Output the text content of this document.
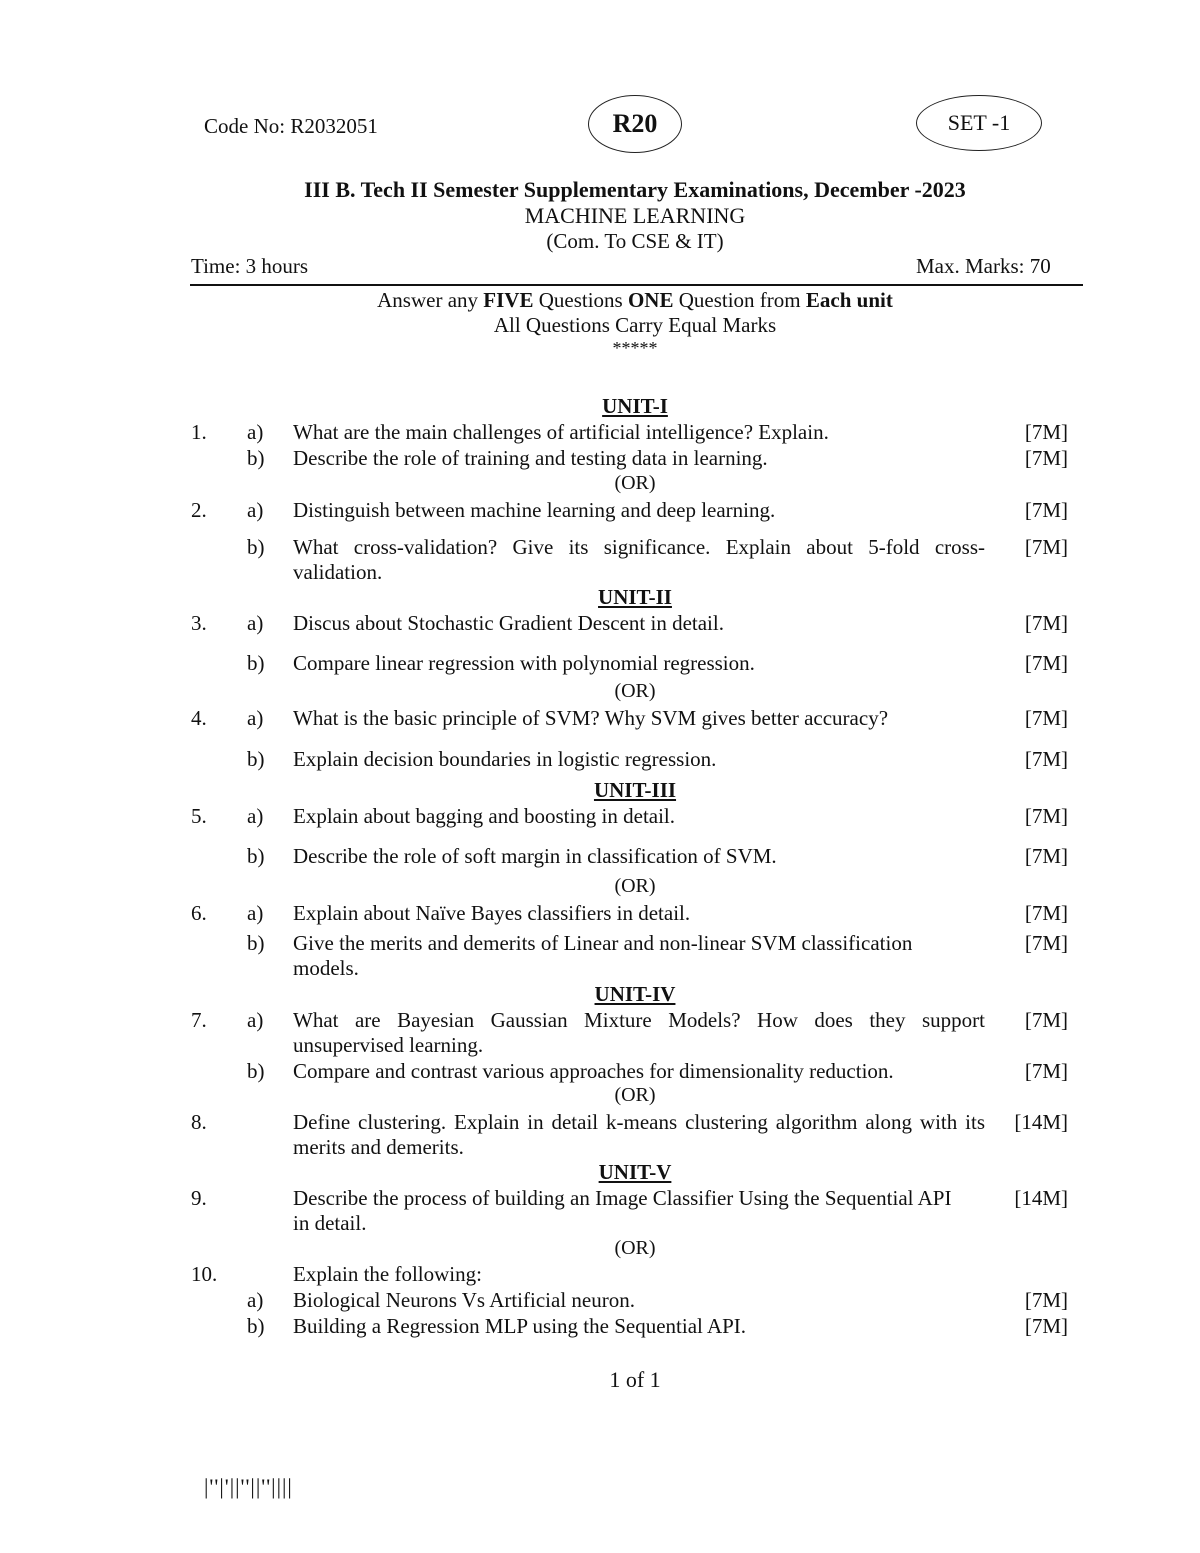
Code No: R2032051	R20	SET -1
III B. Tech II Semester Supplementary Examinations, December -2023
MACHINE LEARNING
(Com. To CSE & IT)
Time: 3 hours	Max. Marks: 70
Answer any FIVE Questions ONE Question from Each unit
All Questions Carry Equal Marks
*****
UNIT-I
1. a) What are the main challenges of artificial intelligence? Explain.	[7M]
b) Describe the role of training and testing data in learning.	[7M]
(OR)
2. a) Distinguish between machine learning and deep learning.	[7M]
b) What cross-validation? Give its significance. Explain about 5-fold cross-validation.
[7M]
UNIT-II
3. a) Discus about Stochastic Gradient Descent in detail.	[7M]
b) Compare linear regression with polynomial regression.	[7M]
(OR)
4. a) What is the basic principle of SVM? Why SVM gives better accuracy?	[7M]
b) Explain decision boundaries in logistic regression.	[7M]
UNIT-III
5. a) Explain about bagging and boosting in detail.	[7M]
b) Describe the role of soft margin in classification of SVM.	[7M]
(OR)
6. a) Explain about Naïve Bayes classifiers in detail.	[7M]
b) Give the merits and demerits of Linear and non-linear SVM classification models.
[7M]
UNIT-IV
7. a) What are Bayesian Gaussian Mixture Models? How does they support unsupervised learning.
[7M]
b) Compare and contrast various approaches for dimensionality reduction.	[7M]
(OR)
8.	Define clustering. Explain in detail k-means clustering algorithm along with its merits and demerits.
[14M]
UNIT-V
9.	Describe the process of building an Image Classifier Using the Sequential API in detail.
[14M]
(OR)
10.	Explain the following:
a) Biological Neurons Vs Artificial neuron.	[7M]
b) Building a Regression MLP using the Sequential API.	[7M]
1 of 1
|''|'||''||''||||
